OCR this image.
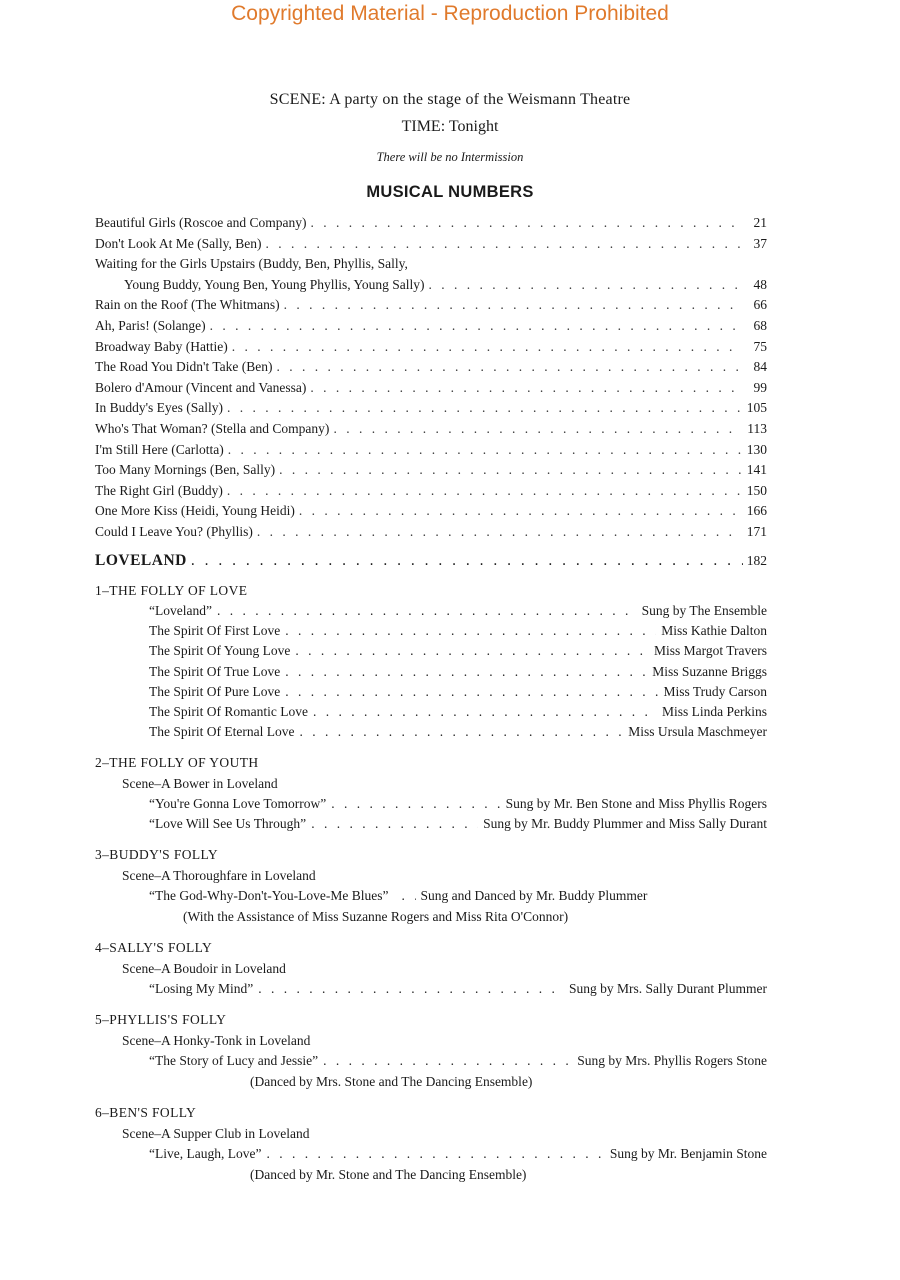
Copyrighted Material - Reproduction Prohibited
SCENE: A party on the stage of the Weismann Theatre
TIME: Tonight
There will be no Intermission
MUSICAL NUMBERS
Beautiful Girls (Roscoe and Company) . . .	21
Don't Look At Me (Sally, Ben) . . .	37
Waiting for the Girls Upstairs (Buddy, Ben, Phyllis, Sally,
Young Buddy, Young Ben, Young Phyllis, Young Sally) . . .	48
Rain on the Roof (The Whitmans) . . .	66
Ah, Paris! (Solange) . . .	68
Broadway Baby (Hattie) . . .	75
The Road You Didn't Take (Ben) . . .	84
Bolero d'Amour (Vincent and Vanessa) . . .	99
In Buddy's Eyes (Sally) . . .	105
Who's That Woman? (Stella and Company) . . .	113
I'm Still Here (Carlotta) . . .	130
Too Many Mornings (Ben, Sally) . . .	141
The Right Girl (Buddy) . . .	150
One More Kiss (Heidi, Young Heidi) . . .	166
Could I Leave You? (Phyllis) . . .	171
LOVELAND . . .	182
1–THE FOLLY OF LOVE
“Loveland” . . .	Sung by The Ensemble
The Spirit Of First Love . . .	Miss Kathie Dalton
The Spirit Of Young Love . . .	Miss Margot Travers
The Spirit Of True Love . . .	Miss Suzanne Briggs
The Spirit Of Pure Love . . .	Miss Trudy Carson
The Spirit Of Romantic Love . . .	Miss Linda Perkins
The Spirit Of Eternal Love . . .	Miss Ursula Maschmeyer
2–THE FOLLY OF YOUTH
Scene–A Bower in Loveland
“You're Gonna Love Tomorrow” . . .	Sung by Mr. Ben Stone and Miss Phyllis Rogers
“Love Will See Us Through” . . .	Sung by Mr. Buddy Plummer and Miss Sally Durant
3–BUDDY'S FOLLY
Scene–A Thoroughfare in Loveland
“The God-Why-Don't-You-Love-Me Blues” . . . Sung and Danced by Mr. Buddy Plummer
(With the Assistance of Miss Suzanne Rogers and Miss Rita O'Connor)
4–SALLY'S FOLLY
Scene–A Boudoir in Loveland
“Losing My Mind” . . .	Sung by Mrs. Sally Durant Plummer
5–PHYLLIS'S FOLLY
Scene–A Honky-Tonk in Loveland
“The Story of Lucy and Jessie” . . .	Sung by Mrs. Phyllis Rogers Stone
(Danced by Mrs. Stone and The Dancing Ensemble)
6–BEN'S FOLLY
Scene–A Supper Club in Loveland
“Live, Laugh, Love” . . .	Sung by Mr. Benjamin Stone
(Danced by Mr. Stone and The Dancing Ensemble)
